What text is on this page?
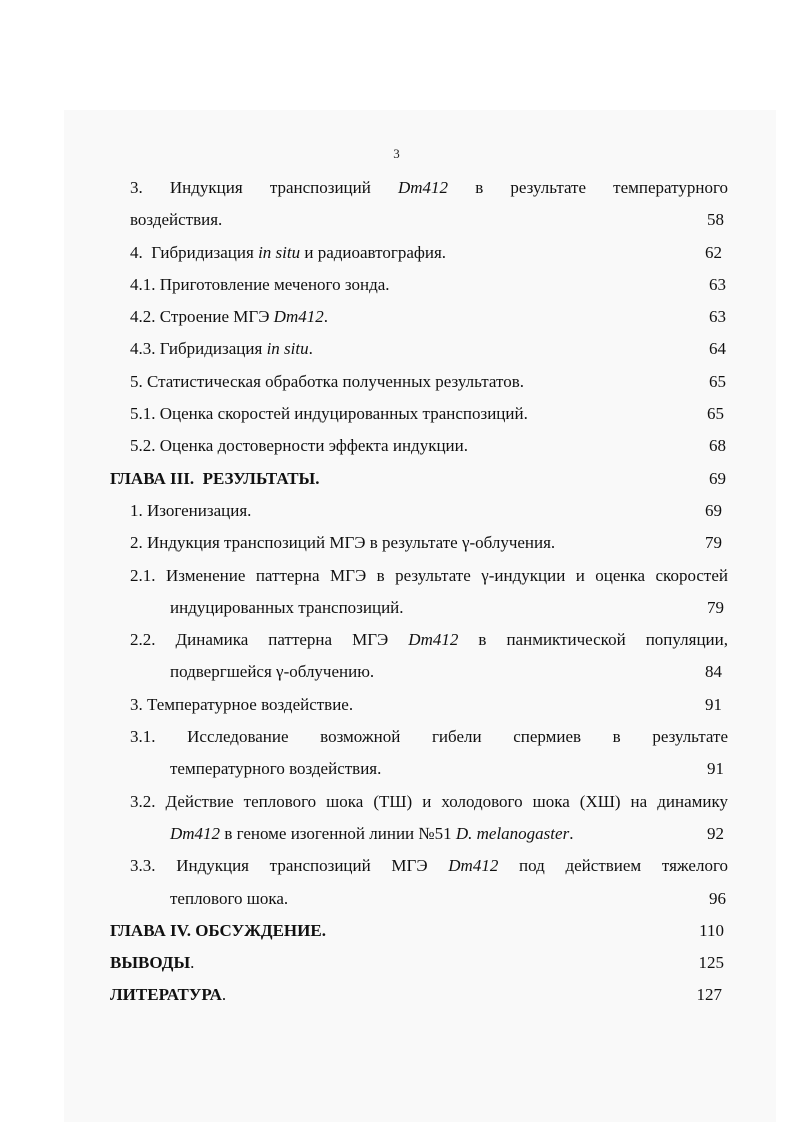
3
3. Индукция транспозиций Dm412 в результате температурного
воздействия.	58
4.  Гибридизация in situ и радиоавтография.	62
4.1. Приготовление меченого зонда.	63
4.2. Строение МГЭ Dm412.	63
4.3. Гибридизация in situ.	64
5. Статистическая обработка полученных результатов.	65
5.1. Оценка скоростей индуцированных транспозиций.	65
5.2. Оценка достоверности эффекта индукции.	68
ГЛАВА III.  РЕЗУЛЬТАТЫ.	69
1. Изогенизация.	69
2. Индукция транспозиций МГЭ в результате γ-облучения.	79
2.1. Изменение паттерна МГЭ в результате γ-индукции и оценка скоростей
индуцированных транспозиций.	79
2.2. Динамика паттерна МГЭ Dm412 в панмиктической популяции,
подвергшейся γ-облучению.	84
3. Температурное воздействие.	91
3.1. Исследование возможной гибели спермиев в результате
температурного воздействия.	91
3.2. Действие теплового шока (ТШ) и холодового шока (ХШ) на динамику
Dm412 в геноме изогенной линии №51 D. melanogaster.	92
3.3. Индукция транспозиций МГЭ Dm412 под действием тяжелого
теплового шока.	96
ГЛАВА IV. ОБСУЖДЕНИЕ.	110
ВЫВОДЫ.	125
ЛИТЕРАТУРА.	127
